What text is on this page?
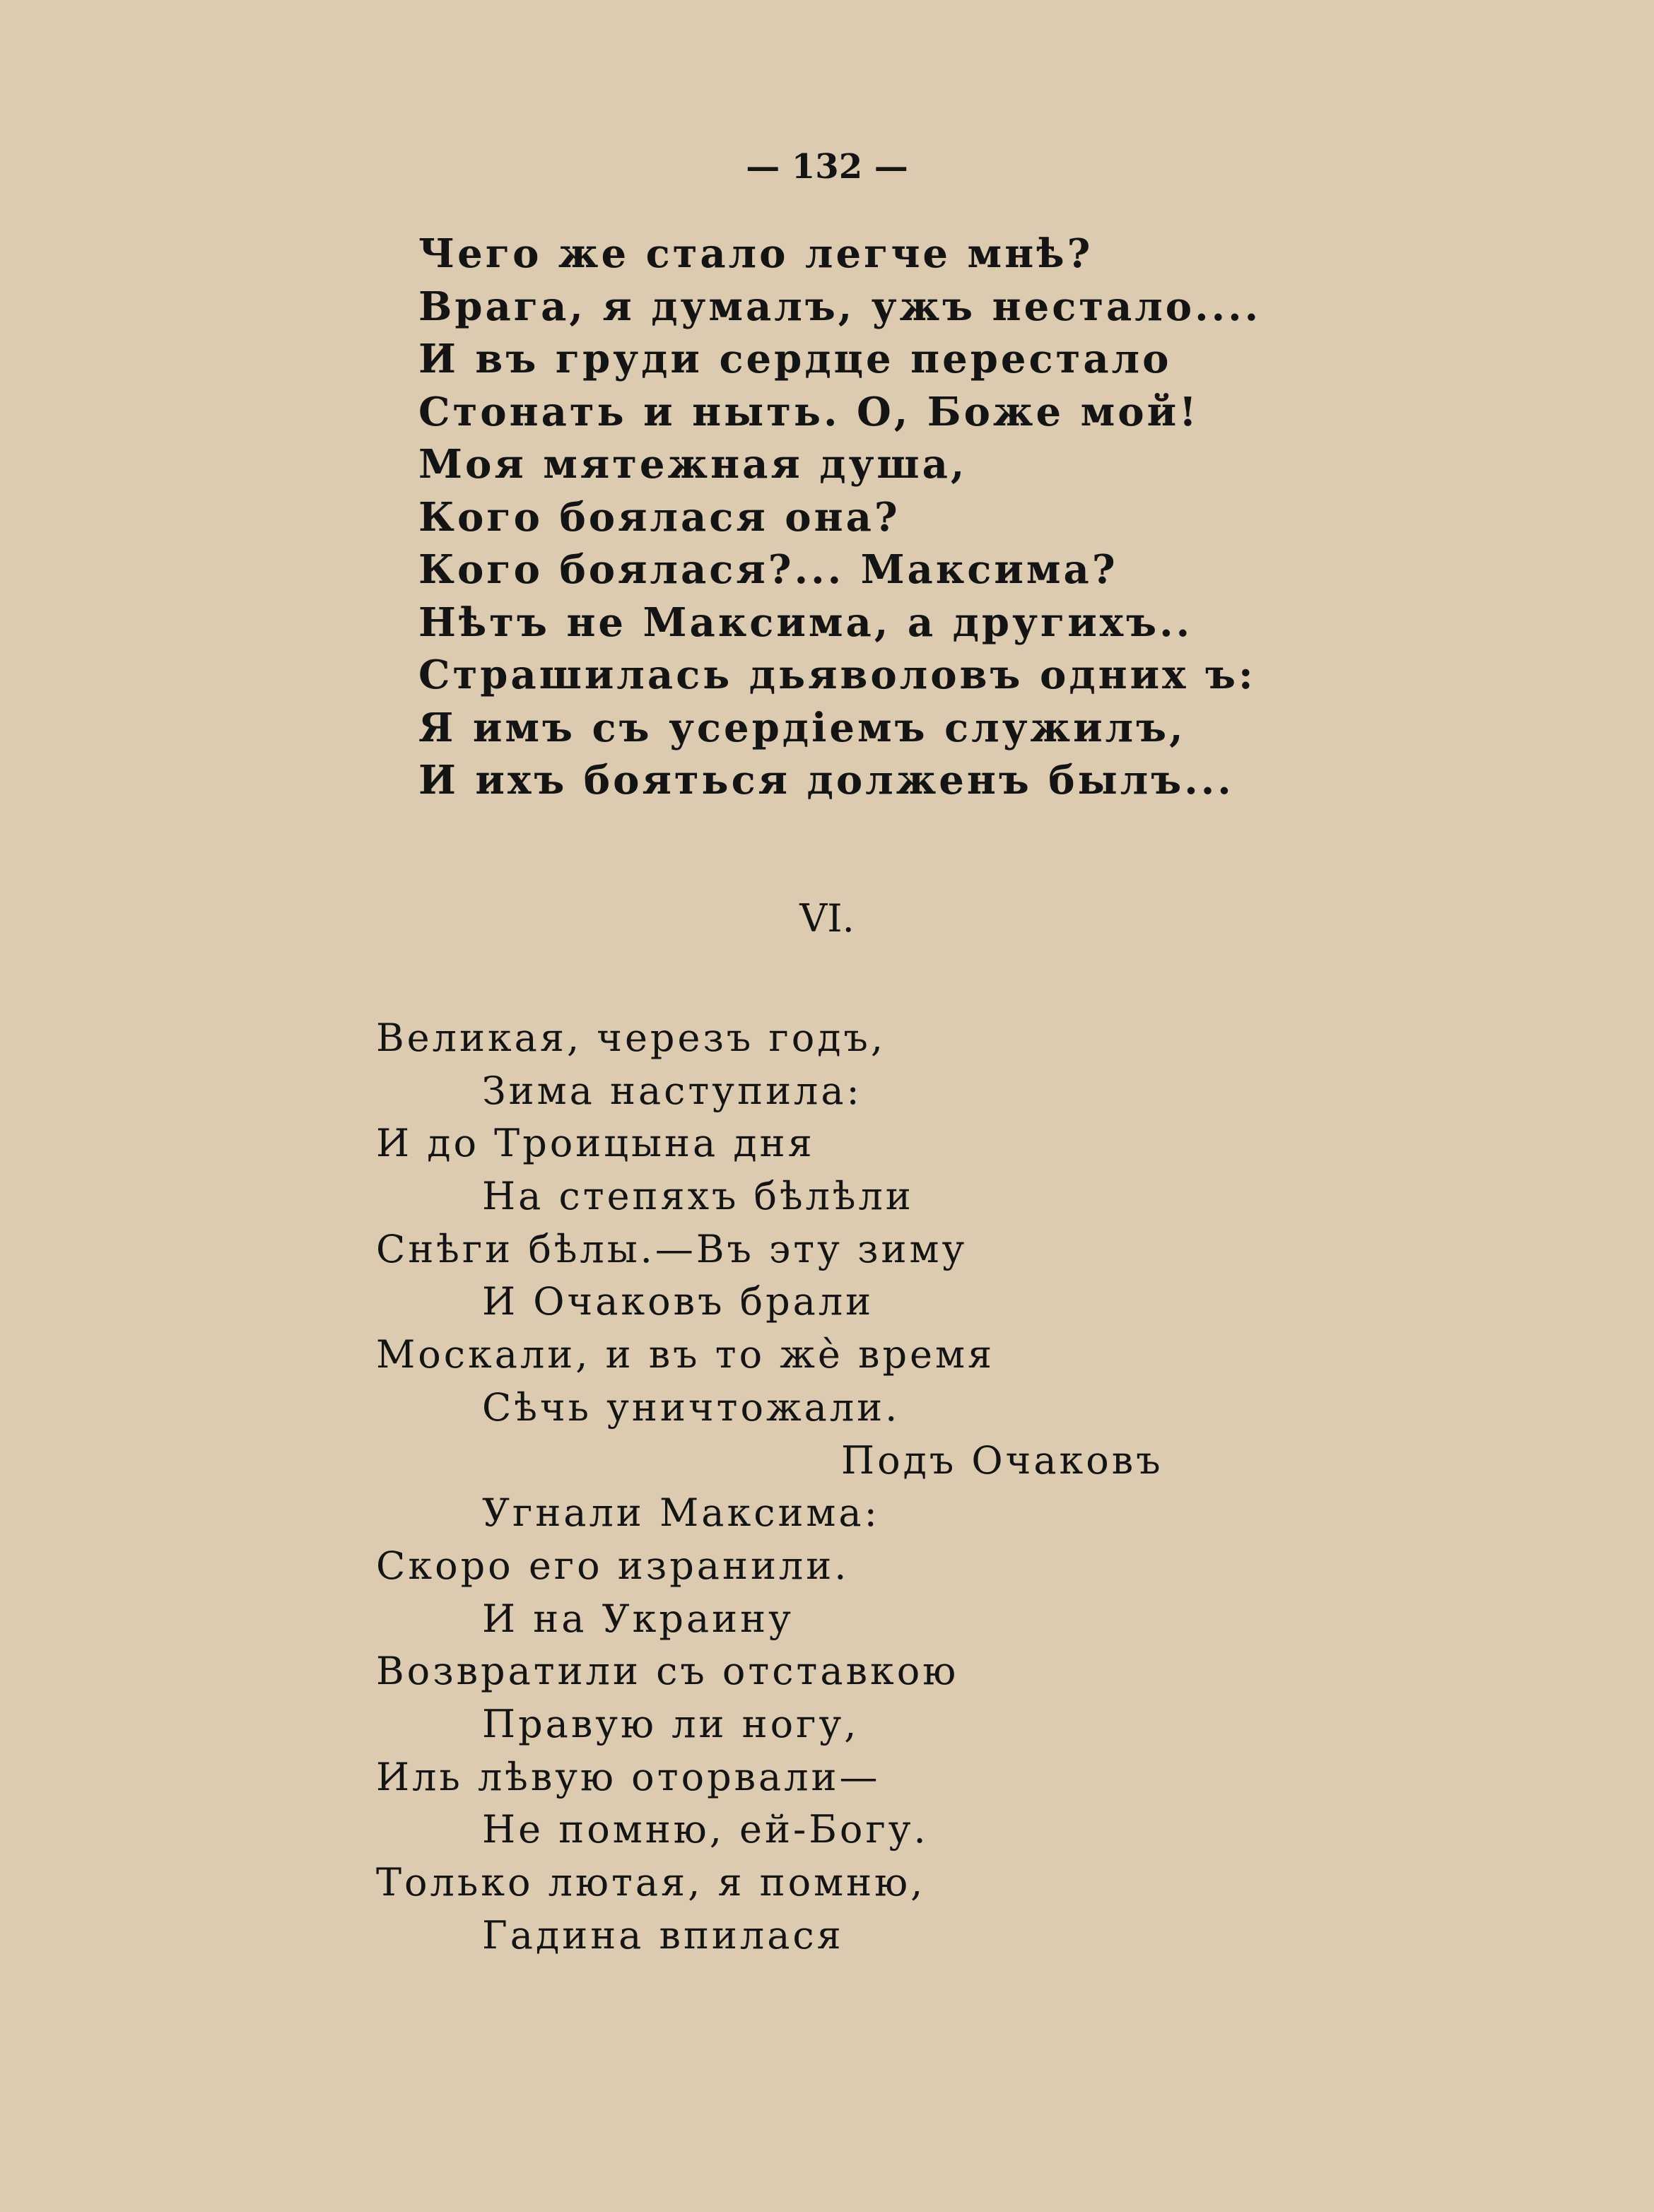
— 132 —
Чего же стало легче мнѣ?
Врага, я думалъ, ужъ нестало....
И въ груди сердце перестало
Стонать и ныть. О, Боже мой!
Моя мятежная душа,
Кого боялася она?
Кого боялася?... Максима?
Нѣтъ не Максима, а другихъ..
Страшилась дьяволовъ одних ъ:
Я имъ съ усердіемъ служилъ,
И ихъ бояться долженъ былъ...
VI.
Великая, черезъ годъ,
Зима наступила:
И до Троицына дня
На степяхъ бѣлѣли
Снѣги бѣлы.—Въ эту зиму
И Очаковъ брали
Москали, и въ то жѐ время
Сѣчь уничтожали.
Подъ Очаковъ
Угнали Максима:
Скоро его изранили.
И на Украину
Возвратили съ отставкою
Правую ли ногу,
Иль лѣвую оторвали—
Не помню, ей-Богу.
Только лютая, я помню,
Гадина впилася
